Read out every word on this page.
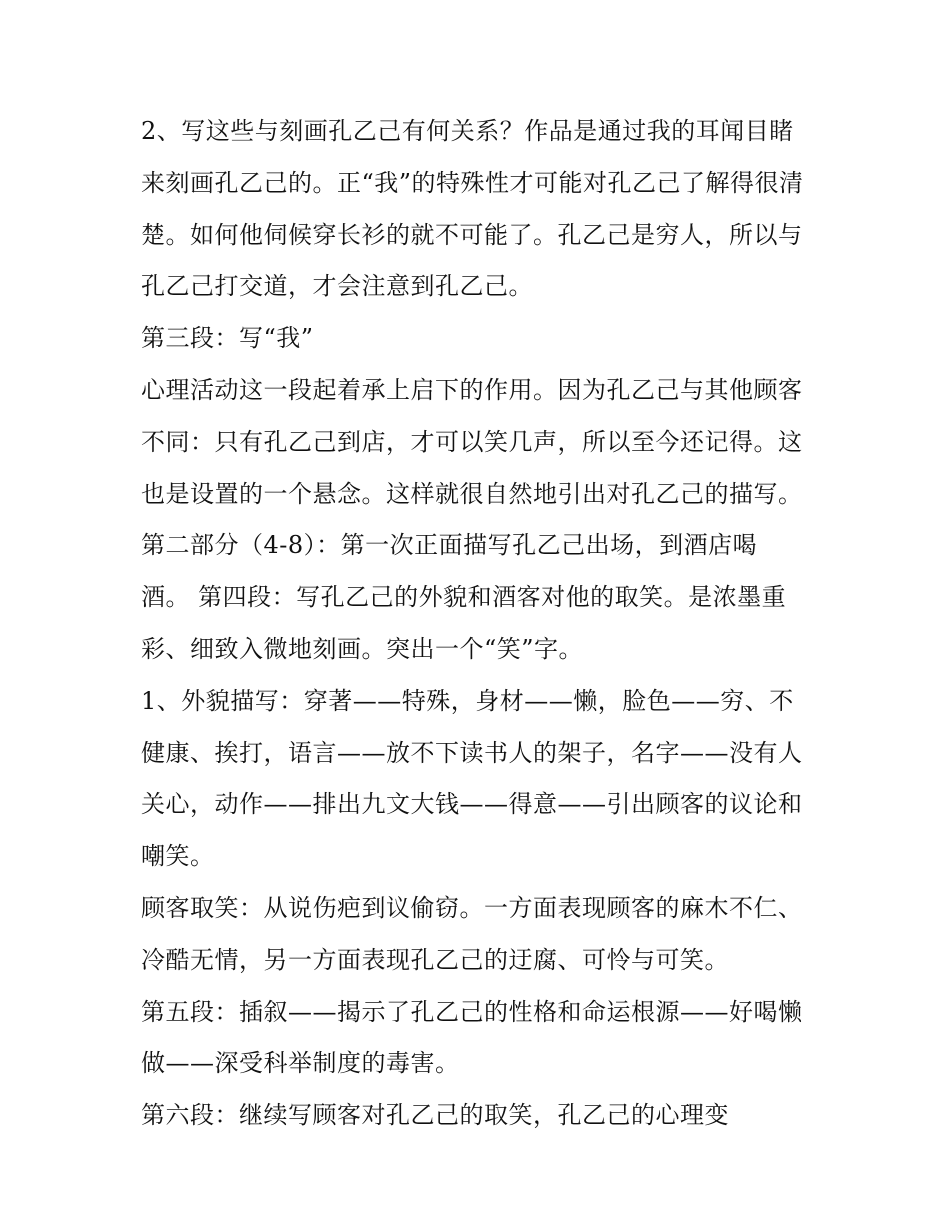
2、写这些与刻画孔乙己有何关系？作品是通过我的耳闻目睹
来刻画孔乙己的。正“我”的特殊性才可能对孔乙己了解得很清
楚。如何他伺候穿长衫的就不可能了。孔乙己是穷人，所以与
孔乙己打交道，才会注意到孔乙己。
第三段：写“我”
心理活动这一段起着承上启下的作用。因为孔乙己与其他顾客
不同：只有孔乙己到店，才可以笑几声，所以至今还记得。这
也是设置的一个悬念。这样就很自然地引出对孔乙己的描写。
第二部分（4-8）：第一次正面描写孔乙己出场，到酒店喝
酒。 第四段：写孔乙己的外貌和酒客对他的取笑。是浓墨重
彩、细致入微地刻画。突出一个“笑”字。
1、外貌描写：穿著——特殊，身材——懒，脸色——穷、不
健康、挨打，语言——放不下读书人的架子，名字——没有人
关心，动作——排出九文大钱——得意——引出顾客的议论和
嘲笑。
顾客取笑：从说伤疤到议偷窃。一方面表现顾客的麻木不仁、
冷酷无情，另一方面表现孔乙己的迂腐、可怜与可笑。
第五段：插叙——揭示了孔乙己的性格和命运根源——好喝懒
做——深受科举制度的毒害。
第六段：继续写顾客对孔乙己的取笑，孔乙己的心理变
